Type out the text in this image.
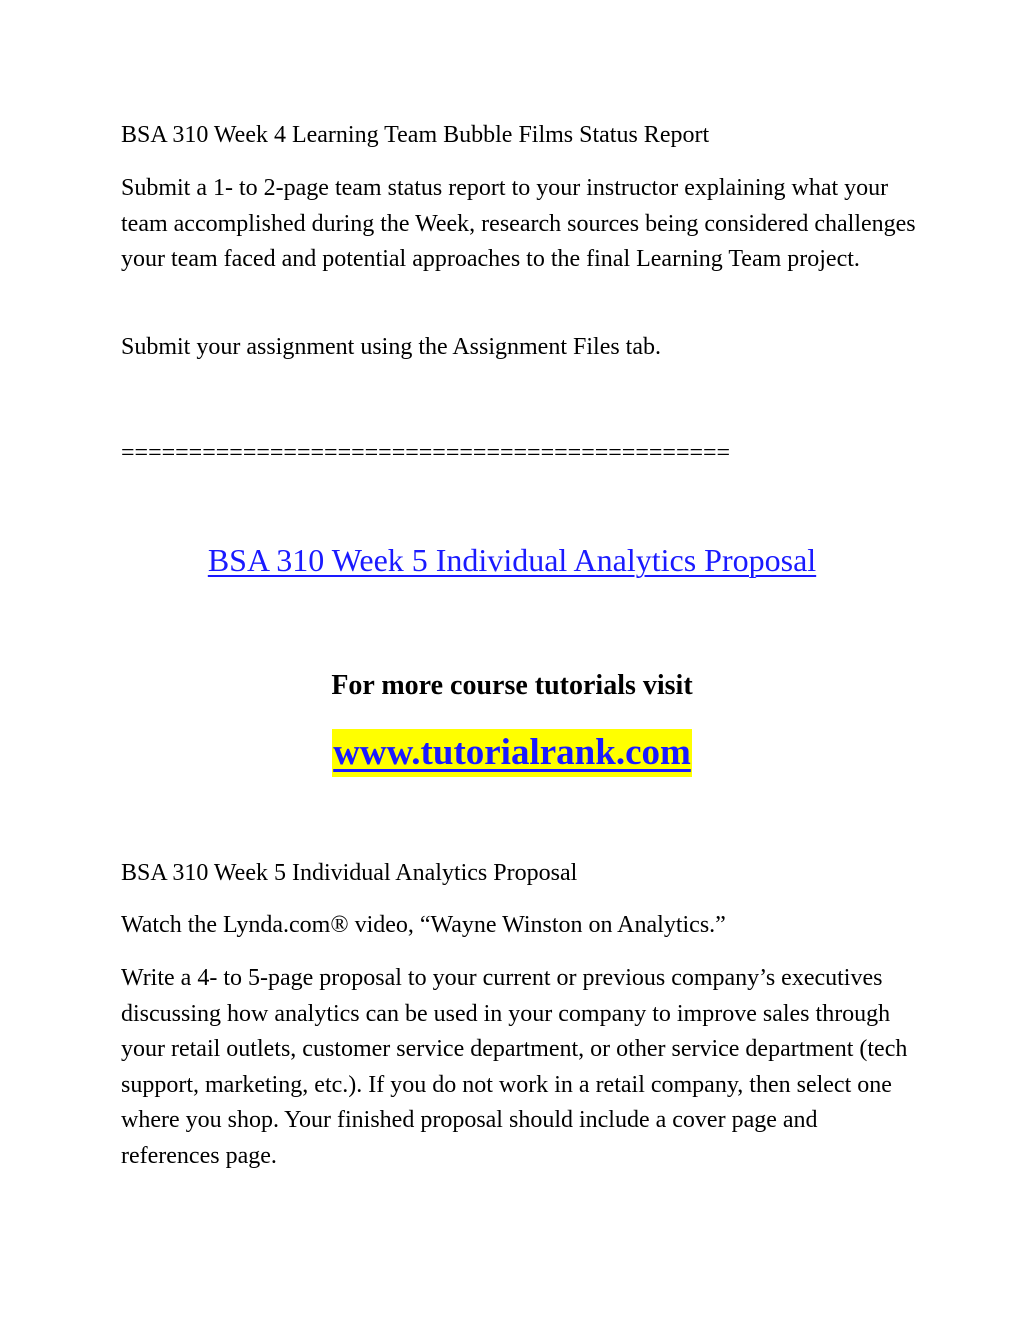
BSA 310 Week 4 Learning Team Bubble Films Status Report

Submit a 1- to 2-page team status report to your instructor explaining what your team accomplished during the Week, research sources being considered challenges your team faced and potential approaches to the final Learning Team project.

Submit your assignment using the Assignment Files tab.

=============================================

BSA 310 Week 5 Individual Analytics Proposal

For more course tutorials visit

www.tutorialrank.com

BSA 310 Week 5 Individual Analytics Proposal

Watch the Lynda.com® video, “Wayne Winston on Analytics.”

Write a 4- to 5-page proposal to your current or previous company’s executives discussing how analytics can be used in your company to improve sales through your retail outlets, customer service department, or other service department (tech support, marketing, etc.). If you do not work in a retail company, then select one where you shop. Your finished proposal should include a cover page and references page.
